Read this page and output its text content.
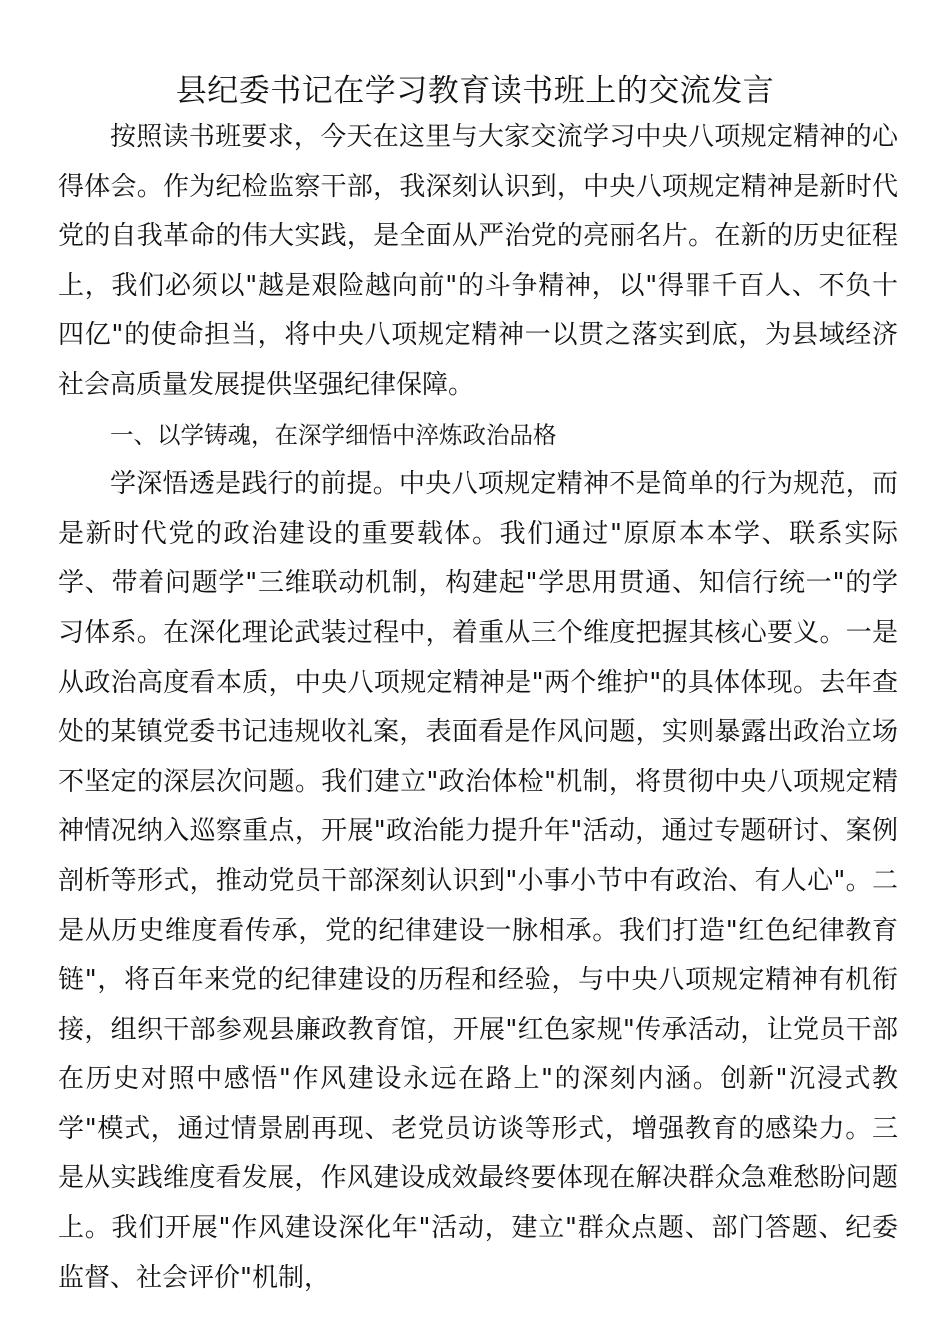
县纪委书记在学习教育读书班上的交流发言

按照读书班要求，今天在这里与大家交流学习中央八项规定精神的心得体会。作为纪检监察干部，我深刻认识到，中央八项规定精神是新时代党的自我革命的伟大实践，是全面从严治党的亮丽名片。在新的历史征程上，我们必须以"越是艰险越向前"的斗争精神，以"得罪千百人、不负十四亿"的使命担当，将中央八项规定精神一以贯之落实到底，为县域经济社会高质量发展提供坚强纪律保障。

一、以学铸魂，在深学细悟中淬炼政治品格

学深悟透是践行的前提。中央八项规定精神不是简单的行为规范，而是新时代党的政治建设的重要载体。我们通过"原原本本学、联系实际学、带着问题学"三维联动机制，构建起"学思用贯通、知信行统一"的学习体系。在深化理论武装过程中，着重从三个维度把握其核心要义。一是从政治高度看本质，中央八项规定精神是"两个维护"的具体体现。去年查处的某镇党委书记违规收礼案，表面看是作风问题，实则暴露出政治立场不坚定的深层次问题。我们建立"政治体检"机制，将贯彻中央八项规定精神情况纳入巡察重点，开展"政治能力提升年"活动，通过专题研讨、案例剖析等形式，推动党员干部深刻认识到"小事小节中有政治、有人心"。二是从历史维度看传承，党的纪律建设一脉相承。我们打造"红色纪律教育链"，将百年来党的纪律建设的历程和经验，与中央八项规定精神有机衔接，组织干部参观县廉政教育馆，开展"红色家规"传承活动，让党员干部在历史对照中感悟"作风建设永远在路上"的深刻内涵。创新"沉浸式教学"模式，通过情景剧再现、老党员访谈等形式，增强教育的感染力。三是从实践维度看发展，作风建设成效最终要体现在解决群众急难愁盼问题上。我们开展"作风建设深化年"活动，建立"群众点题、部门答题、纪委监督、社会评价"机制，
